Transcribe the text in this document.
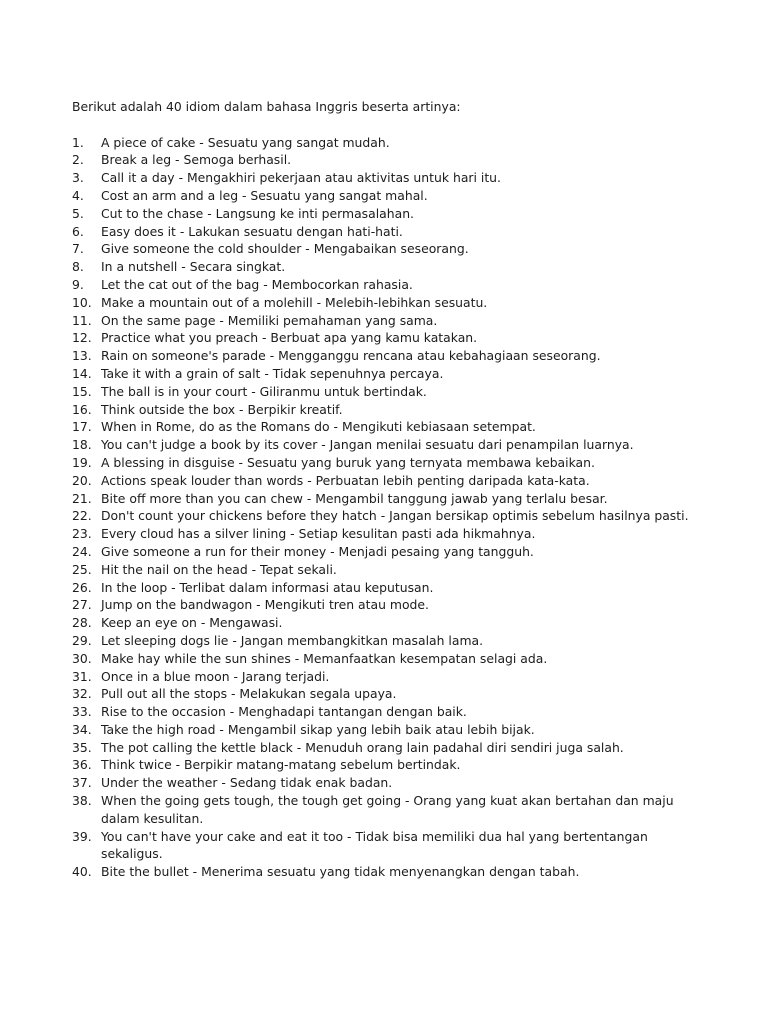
Berikut adalah 40 idiom dalam bahasa Inggris beserta artinya:

1.	A piece of cake - Sesuatu yang sangat mudah.
2.	Break a leg - Semoga berhasil.
3.	Call it a day - Mengakhiri pekerjaan atau aktivitas untuk hari itu.
4.	Cost an arm and a leg - Sesuatu yang sangat mahal.
5.	Cut to the chase - Langsung ke inti permasalahan.
6.	Easy does it - Lakukan sesuatu dengan hati-hati.
7.	Give someone the cold shoulder - Mengabaikan seseorang.
8.	In a nutshell - Secara singkat.
9.	Let the cat out of the bag - Membocorkan rahasia.
10. Make a mountain out of a molehill - Melebih-lebihkan sesuatu.
11. On the same page - Memiliki pemahaman yang sama.
12. Practice what you preach - Berbuat apa yang kamu katakan.
13. Rain on someone's parade - Mengganggu rencana atau kebahagiaan seseorang.
14. Take it with a grain of salt - Tidak sepenuhnya percaya.
15. The ball is in your court - Giliranmu untuk bertindak.
16. Think outside the box - Berpikir kreatif.
17. When in Rome, do as the Romans do - Mengikuti kebiasaan setempat.
18. You can't judge a book by its cover - Jangan menilai sesuatu dari penampilan luarnya.
19. A blessing in disguise - Sesuatu yang buruk yang ternyata membawa kebaikan.
20. Actions speak louder than words - Perbuatan lebih penting daripada kata-kata.
21. Bite off more than you can chew - Mengambil tanggung jawab yang terlalu besar.
22. Don't count your chickens before they hatch - Jangan bersikap optimis sebelum hasilnya pasti.
23. Every cloud has a silver lining - Setiap kesulitan pasti ada hikmahnya.
24. Give someone a run for their money - Menjadi pesaing yang tangguh.
25. Hit the nail on the head - Tepat sekali.
26. In the loop - Terlibat dalam informasi atau keputusan.
27. Jump on the bandwagon - Mengikuti tren atau mode.
28. Keep an eye on - Mengawasi.
29. Let sleeping dogs lie - Jangan membangkitkan masalah lama.
30. Make hay while the sun shines - Memanfaatkan kesempatan selagi ada.
31. Once in a blue moon - Jarang terjadi.
32. Pull out all the stops - Melakukan segala upaya.
33. Rise to the occasion - Menghadapi tantangan dengan baik.
34. Take the high road - Mengambil sikap yang lebih baik atau lebih bijak.
35. The pot calling the kettle black - Menuduh orang lain padahal diri sendiri juga salah.
36. Think twice - Berpikir matang-matang sebelum bertindak.
37. Under the weather - Sedang tidak enak badan.
38. When the going gets tough, the tough get going - Orang yang kuat akan bertahan dan maju dalam kesulitan.
39. You can't have your cake and eat it too - Tidak bisa memiliki dua hal yang bertentangan sekaligus.
40. Bite the bullet - Menerima sesuatu yang tidak menyenangkan dengan tabah.
